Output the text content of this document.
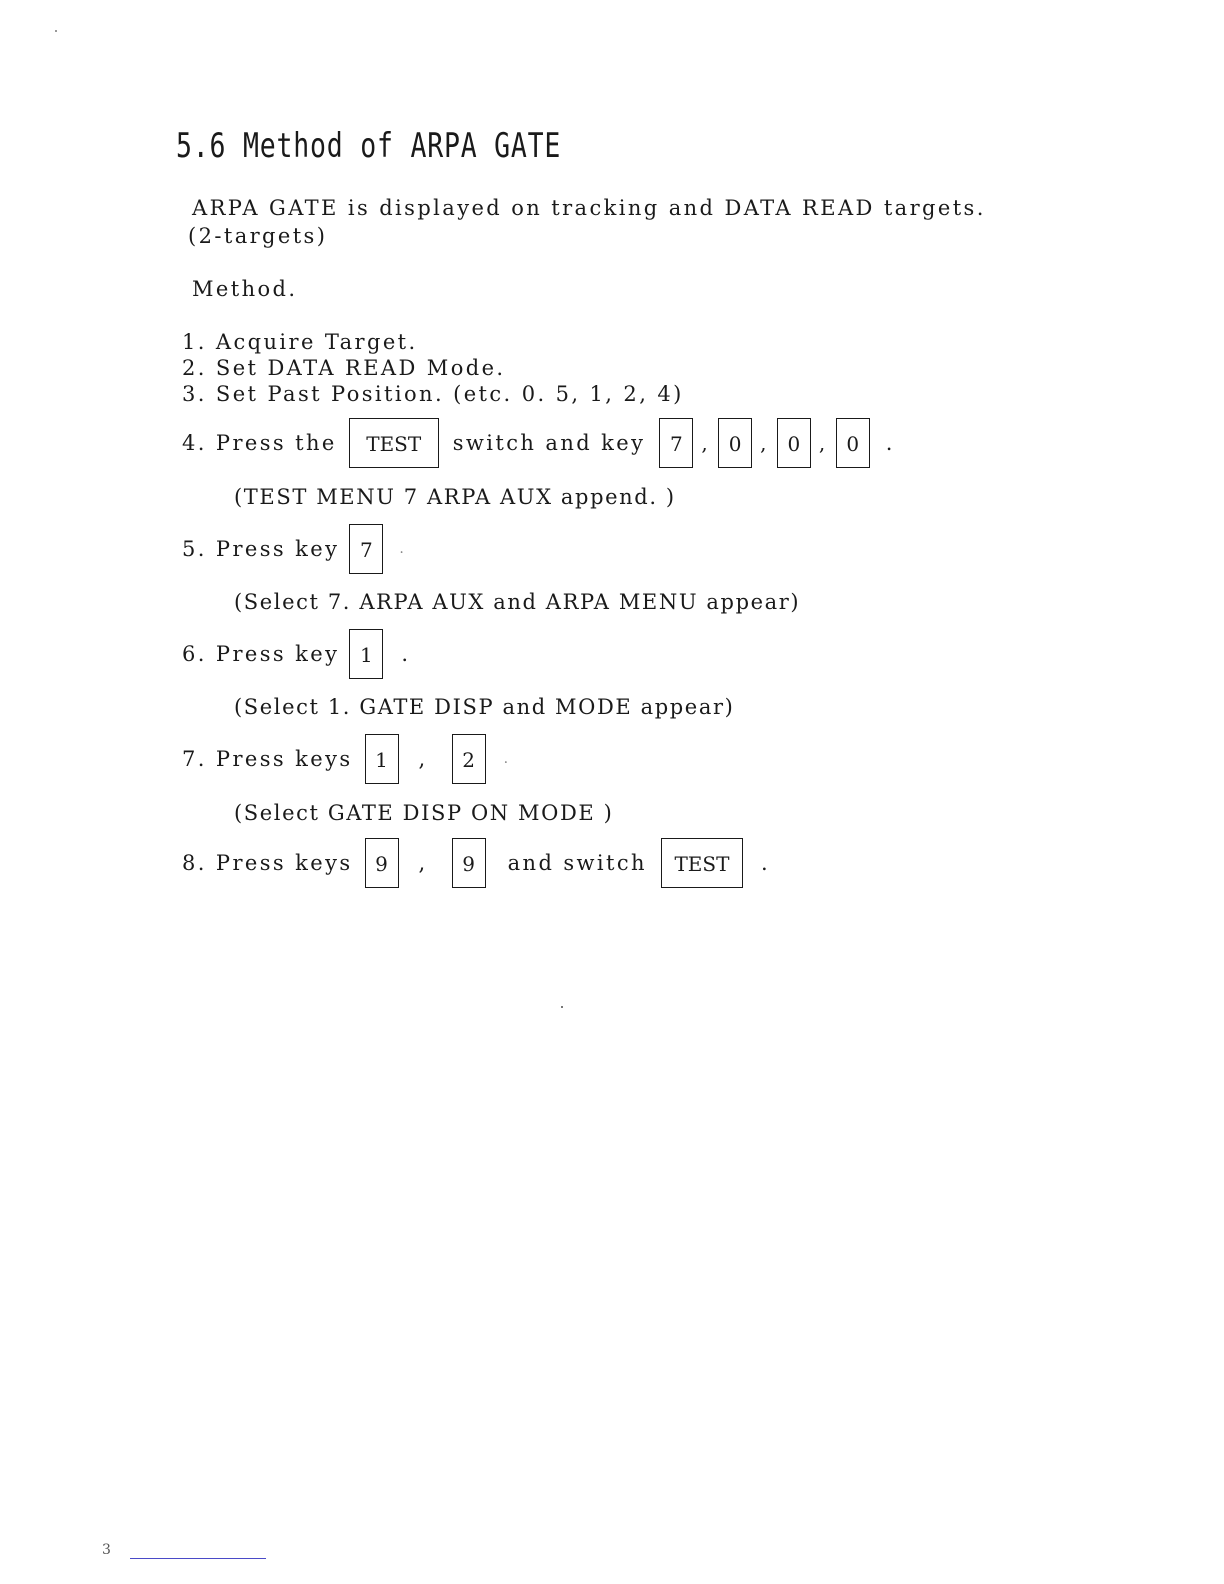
5.6 Method of ARPA GATE
ARPA GATE is displayed on tracking and DATA READ targets.
(2-targets)
Method.
1. Acquire Target.
2. Set DATA READ Mode.
3. Set Past Position. (etc. 0. 5, 1, 2, 4)
4. Press the	TEST	switch and key	7 , 0 , 0 , 0	.
(TEST MENU 7 ARPA AUX append. )
5. Press key	7	.
(Select 7. ARPA AUX and ARPA MENU appear)
6. Press key	1	.
(Select 1. GATE DISP and MODE appear)
7. Press keys	1	,	2	.
(Select GATE DISP ON MODE )
8. Press keys	9	,	9	and switch	TEST	.
3
